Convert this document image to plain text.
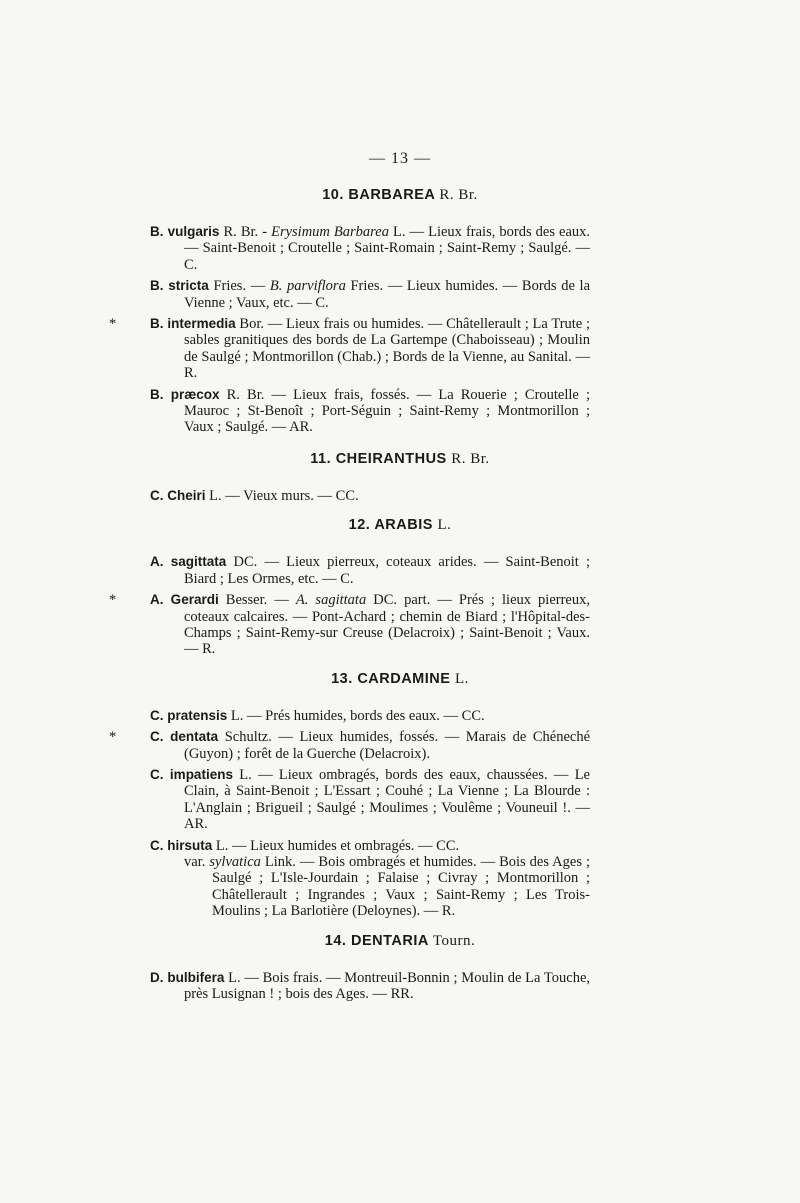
— 13 —
10. BARBAREA R. Br.

B. vulgaris R. Br. - Erysimum Barbarea L. — Lieux frais, bords des eaux. — Saint-Benoit ; Croutelle ; Saint-Romain ; Saint-Remy ; Saulgé. — C.

B. stricta Fries. — B. parviflora Fries. — Lieux humides. — Bords de la Vienne ; Vaux, etc. — C.

*	B. intermedia Bor. — Lieux frais ou humides. — Châtellerault ; La Trute ; sables granitiques des bords de La Gartempe (Chaboisseau) ; Moulin de Saulgé ; Montmorillon (Chab.) ; Bords de la Vienne, au Sanital. — R.

B. præcox R. Br. — Lieux frais, fossés. — La Rouerie ; Croutelle ; Mauroc ; St-Benoît ; Port-Séguin ; Saint-Remy ; Montmorillon ; Vaux ; Saulgé. — AR.

11. CHEIRANTHUS R. Br.

C. Cheiri L. — Vieux murs. — CC.

12. ARABIS L.

A. sagittata DC. — Lieux pierreux, coteaux arides. — Saint-Benoit ; Biard ; Les Ormes, etc. — C.

*	A. Gerardi Besser. — A. sagittata DC. part. — Prés ; lieux pierreux, coteaux calcaires. — Pont-Achard ; chemin de Biard ; l'Hôpital-des-Champs ; Saint-Remy-sur Creuse (Delacroix) ; Saint-Benoit ; Vaux. — R.

13. CARDAMINE L.

C. pratensis L. — Prés humides, bords des eaux. — CC.

*	C. dentata Schultz. — Lieux humides, fossés. — Marais de Chéneché (Guyon) ; forêt de la Guerche (Delacroix).

C. impatiens L. — Lieux ombragés, bords des eaux, chaussées. — Le Clain, à Saint-Benoit ; L'Essart ; Couhé ; La Vienne ; La Blourde : L'Anglain ; Brigueil ; Saulgé ; Moulimes ; Voulême ; Vouneuil !. — AR.

C. hirsuta L. — Lieux humides et ombragés. — CC.

var. sylvatica Link. — Bois ombragés et humides. — Bois des Ages ; Saulgé ; L'Isle-Jourdain ; Falaise ; Civray ; Montmorillon ; Châtellerault ; Ingrandes ; Vaux ; Saint-Remy ; Les Trois-Moulins ; La Barlotière (Deloynes). — R.

14. DENTARIA Tourn.

D. bulbifera L. — Bois frais. — Montreuil-Bonnin ; Moulin de La Touche, près Lusignan ! ; bois des Ages. — RR.
